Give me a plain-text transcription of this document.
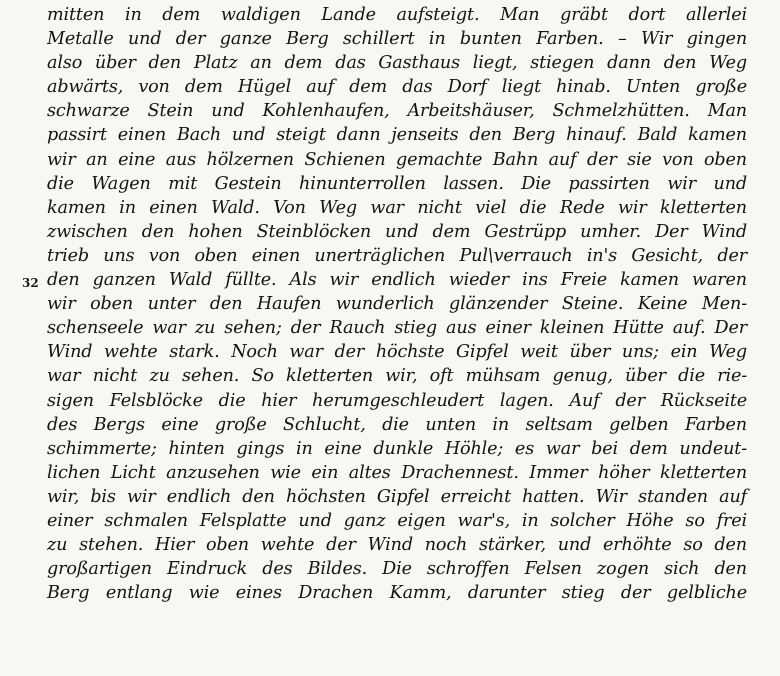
32
mitten in dem waldigen Lande aufsteigt. Man gräbt dort allerlei
Metalle und der ganze Berg schillert in bunten Farben. – Wir gingen
also über den Platz an dem das Gasthaus liegt, stiegen dann den Weg
abwärts, von dem Hügel auf dem das Dorf liegt hinab. Unten große
schwarze Stein und Kohlenhaufen, Arbeitshäuser, Schmelzhütten. Man
passirt einen Bach und steigt dann jenseits den Berg hinauf. Bald kamen
wir an eine aus hölzernen Schienen gemachte Bahn auf der sie von oben
die Wagen mit Gestein hinunterrollen lassen. Die passirten wir und
kamen in einen Wald. Von Weg war nicht viel die Rede wir kletterten
zwischen den hohen Steinblöcken und dem Gestrüpp umher. Der Wind
trieb uns von oben einen unerträglichen Pul\verrauch in's Gesicht, der
den ganzen Wald füllte. Als wir endlich wieder ins Freie kamen waren
wir oben unter den Haufen wunderlich glänzender Steine. Keine Men-
schenseele war zu sehen; der Rauch stieg aus einer kleinen Hütte auf. Der
Wind wehte stark. Noch war der höchste Gipfel weit über uns; ein Weg
war nicht zu sehen. So kletterten wir, oft mühsam genug, über die rie-
sigen Felsblöcke die hier herumgeschleudert lagen. Auf der Rückseite
des Bergs eine große Schlucht, die unten in seltsam gelben Farben
schimmerte; hinten gings in eine dunkle Höhle; es war bei dem undeut-
lichen Licht anzusehen wie ein altes Drachennest. Immer höher kletterten
wir, bis wir endlich den höchsten Gipfel erreicht hatten. Wir standen auf
einer schmalen Felsplatte und ganz eigen war's, in solcher Höhe so frei
zu stehen. Hier oben wehte der Wind noch stärker, und erhöhte so den
großartigen Eindruck des Bildes. Die schroffen Felsen zogen sich den
Berg entlang wie eines Drachen Kamm, darunter stieg der gelbliche
